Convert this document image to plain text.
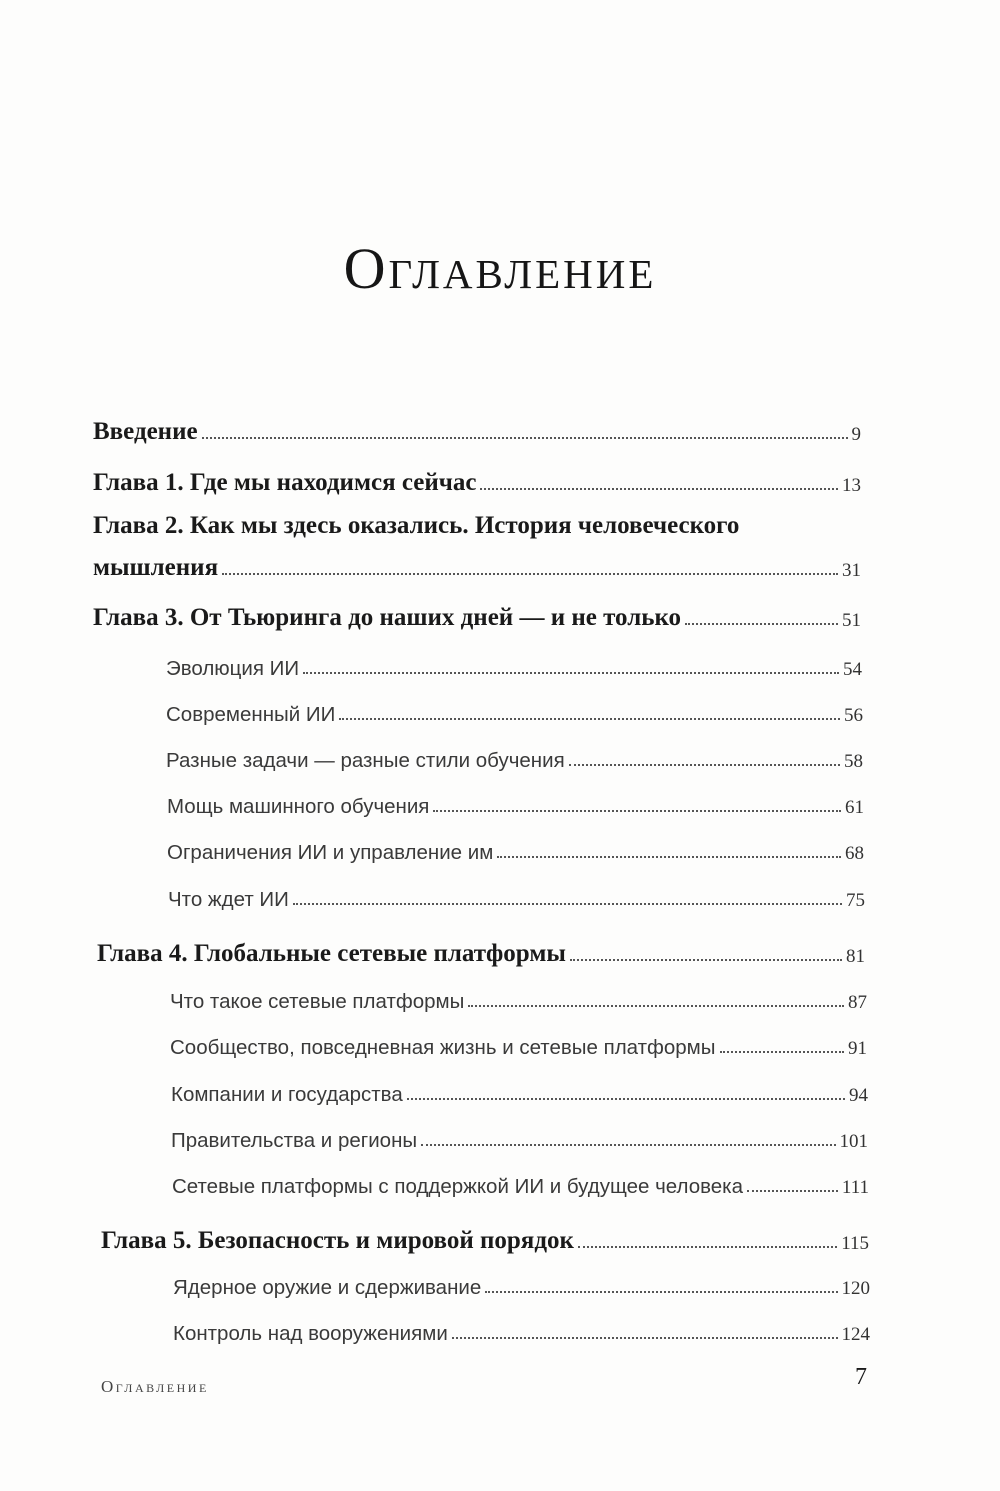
Оглавление
Введение	9
Глава 1. Где мы находимся сейчас	13
Глава 2. Как мы здесь оказались. История человеческого
мышления	31
Глава 3. От Тьюринга до наших дней — и не только	51
Эволюция ИИ	54
Современный ИИ	56
Разные задачи — разные стили обучения	58
Мощь машинного обучения	61
Ограничения ИИ и управление им	68
Что ждет ИИ	75
Глава 4. Глобальные сетевые платформы	81
Что такое сетевые платформы	87
Сообщество, повседневная жизнь и сетевые платформы	91
Компании и государства	94
Правительства и регионы	101
Сетевые платформы с поддержкой ИИ и будущее человека	111
Глава 5. Безопасность и мировой порядок	115
Ядерное оружие и сдерживание	120
Контроль над вооружениями	124
Оглавление	7
